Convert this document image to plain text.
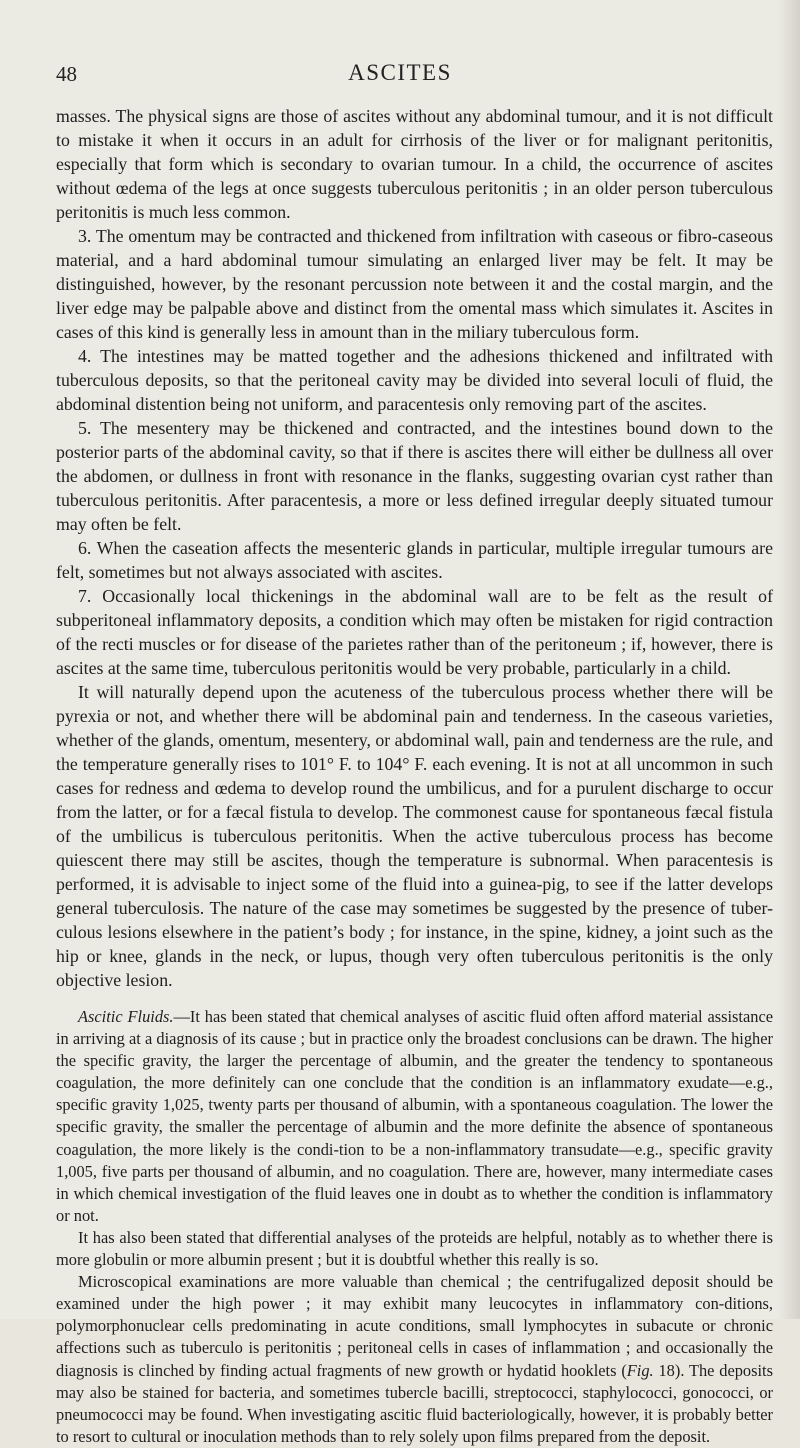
48	ASCITES

masses. The physical signs are those of ascites without any abdominal tumour, and it is not difficult to mistake it when it occurs in an adult for cirrhosis of the liver or for malignant peritonitis, especially that form which is secondary to ovarian tumour. In a child, the occurrence of ascites without œdema of the legs at once suggests tuberculous peritonitis ; in an older person tuberculous peritonitis is much less common.

3. The omentum may be contracted and thickened from infiltration with caseous or fibro-caseous material, and a hard abdominal tumour simulating an enlarged liver may be felt. It may be distinguished, however, by the resonant percussion note between it and the costal margin, and the liver edge may be palpable above and distinct from the omental mass which simulates it. Ascites in cases of this kind is generally less in amount than in the miliary tuberculous form.

4. The intestines may be matted together and the adhesions thickened and infiltrated with tuberculous deposits, so that the peritoneal cavity may be divided into several loculi of fluid, the abdominal distention being not uniform, and paracentesis only removing part of the ascites.

5. The mesentery may be thickened and contracted, and the intestines bound down to the posterior parts of the abdominal cavity, so that if there is ascites there will either be dullness all over the abdomen, or dullness in front with resonance in the flanks, suggesting ovarian cyst rather than tuberculous peritonitis. After paracentesis, a more or less defined irregular deeply situated tumour may often be felt.

6. When the caseation affects the mesenteric glands in particular, multiple irregular tumours are felt, sometimes but not always associated with ascites.

7. Occasionally local thickenings in the abdominal wall are to be felt as the result of subperitoneal inflammatory deposits, a condition which may often be mistaken for rigid contraction of the recti muscles or for disease of the parietes rather than of the peritoneum ; if, however, there is ascites at the same time, tuberculous peritonitis would be very probable, particularly in a child.

It will naturally depend upon the acuteness of the tuberculous process whether there will be pyrexia or not, and whether there will be abdominal pain and tenderness. In the caseous varieties, whether of the glands, omentum, mesentery, or abdominal wall, pain and tenderness are the rule, and the temperature generally rises to 101° F. to 104° F. each evening. It is not at all uncommon in such cases for redness and œdema to develop round the umbilicus, and for a purulent discharge to occur from the latter, or for a fæcal fistula to develop. The commonest cause for spontaneous fæcal fistula of the umbilicus is tuberculous peritonitis. When the active tuberculous process has become quiescent there may still be ascites, though the temperature is subnormal. When paracentesis is performed, it is advisable to inject some of the fluid into a guinea-pig, to see if the latter develops general tuberculosis. The nature of the case may sometimes be suggested by the presence of tuber-culous lesions elsewhere in the patient’s body ; for instance, in the spine, kidney, a joint such as the hip or knee, glands in the neck, or lupus, though very often tuberculous peritonitis is the only objective lesion.

Ascitic Fluids.—It has been stated that chemical analyses of ascitic fluid often afford material assistance in arriving at a diagnosis of its cause ; but in practice only the broadest conclusions can be drawn. The higher the specific gravity, the larger the percentage of albumin, and the greater the tendency to spontaneous coagulation, the more definitely can one conclude that the condition is an inflammatory exudate—e.g., specific gravity 1,025, twenty parts per thousand of albumin, with a spontaneous coagulation. The lower the specific gravity, the smaller the percentage of albumin and the more definite the absence of spontaneous coagulation, the more likely is the condi-tion to be a non-inflammatory transudate—e.g., specific gravity 1,005, five parts per thousand of albumin, and no coagulation. There are, however, many intermediate cases in which chemical investigation of the fluid leaves one in doubt as to whether the condition is inflammatory or not.

It has also been stated that differential analyses of the proteids are helpful, notably as to whether there is more globulin or more albumin present ; but it is doubtful whether this really is so.

Microscopical examinations are more valuable than chemical ; the centrifugalized deposit should be examined under the high power ; it may exhibit many leucocytes in inflammatory con-ditions, polymorphonuclear cells predominating in acute conditions, small lymphocytes in subacute or chronic affections such as tuberculo is peritonitis ; peritoneal cells in cases of inflammation ; and occasionally the diagnosis is clinched by finding actual fragments of new growth or hydatid hooklets (Fig. 18). The deposits may also be stained for bacteria, and sometimes tubercle bacilli, streptococci, staphylococci, gonococci, or pneumococci may be found. When investigating ascitic fluid bacteriologically, however, it is probably better to resort to cultural or inoculation methods than to rely solely upon films prepared from the deposit.
